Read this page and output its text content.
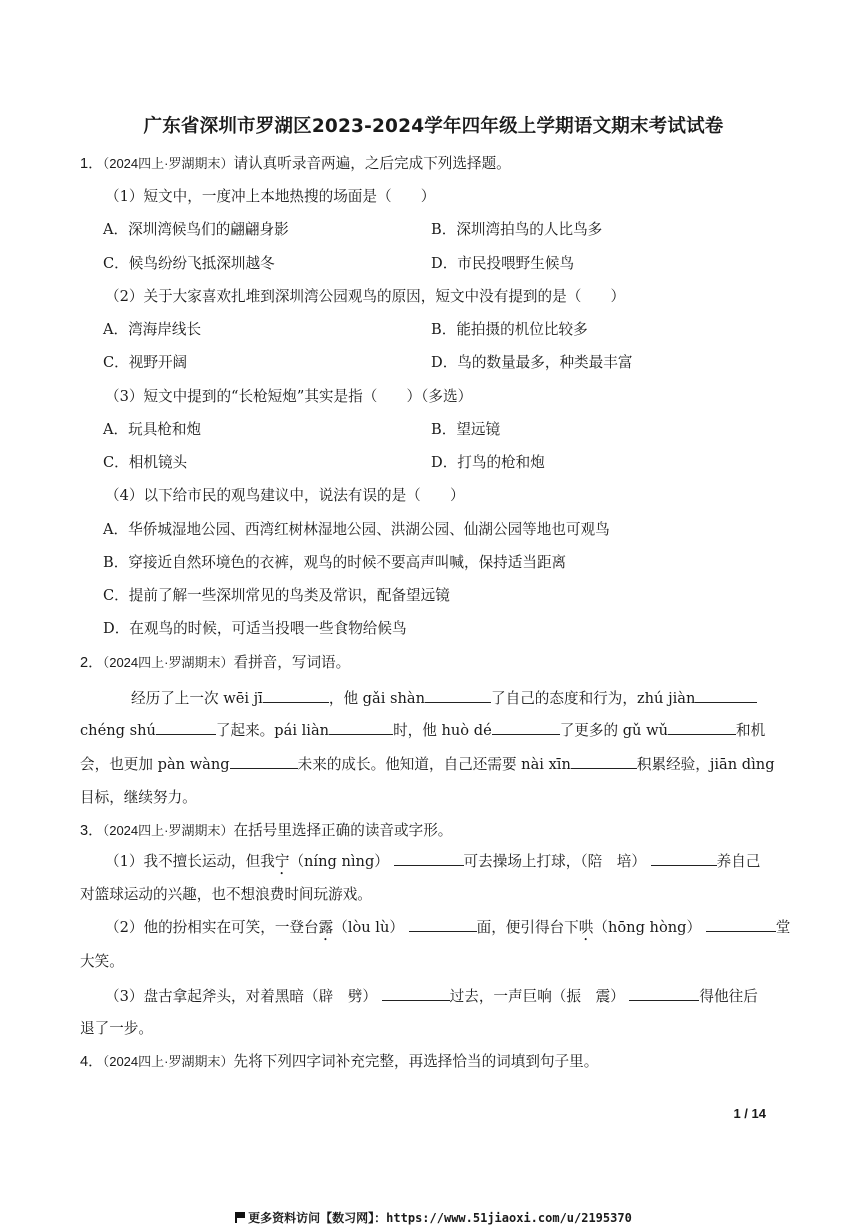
广东省深圳市罗湖区2023-2024学年四年级上学期语文期末考试试卷
1．（2024四上·罗湖期末）请认真听录音两遍，之后完成下列选择题。
（1）短文中，一度冲上本地热搜的场面是（　　）
A．深圳湾候鸟们的翩翩身影	B．深圳湾拍鸟的人比鸟多
C．候鸟纷纷飞抵深圳越冬	D．市民投喂野生候鸟
（2）关于大家喜欢扎堆到深圳湾公园观鸟的原因，短文中没有提到的是（　　）
A．湾海岸线长	B．能拍摄的机位比较多
C．视野开阔	D．鸟的数量最多，种类最丰富
（3）短文中提到的“长枪短炮”其实是指（　　）（多选）
A．玩具枪和炮	B．望远镜
C．相机镜头	D．打鸟的枪和炮
（4）以下给市民的观鸟建议中，说法有误的是（　　）
A．华侨城湿地公园、西湾红树林湿地公园、洪湖公园、仙湖公园等地也可观鸟
B．穿接近自然环境色的衣裤，观鸟的时候不要高声叫喊，保持适当距离
C．提前了解一些深圳常见的鸟类及常识，配备望远镜
D．在观鸟的时候，可适当投喂一些食物给候鸟
2．（2024四上·罗湖期末）看拼音，写词语。
经历了上一次 wēi jī	，他 gǎi shàn	了自己的态度和行为，zhú jiàn
chéng shú	了起来。pái liàn	时，他 huò dé	了更多的 gǔ wǔ	和机
会，也更加 pàn wàng	未来的成长。他知道，自己还需要 nài xīn	积累经验，jiān dìng
目标，继续努力。
3．（2024四上·罗湖期末）在括号里选择正确的读音或字形。
（1）我不擅长运动，但我宁（níng nìng）	可去操场上打球，（陪　培）	养自己
对篮球运动的兴趣，也不想浪费时间玩游戏。
（2）他的扮相实在可笑，一登台露（lòu lù）	面，便引得台下哄（hōng hòng）	堂
大笑。
（3）盘古拿起斧头，对着黑暗（辟　劈）	过去，一声巨响（振　震）	得他往后
退了一步。
4．（2024四上·罗湖期末）先将下列四字词补充完整，再选择恰当的词填到句子里。
1 / 14
更多资料访问【数习网】：https://www.51jiaoxi.com/u/2195370
